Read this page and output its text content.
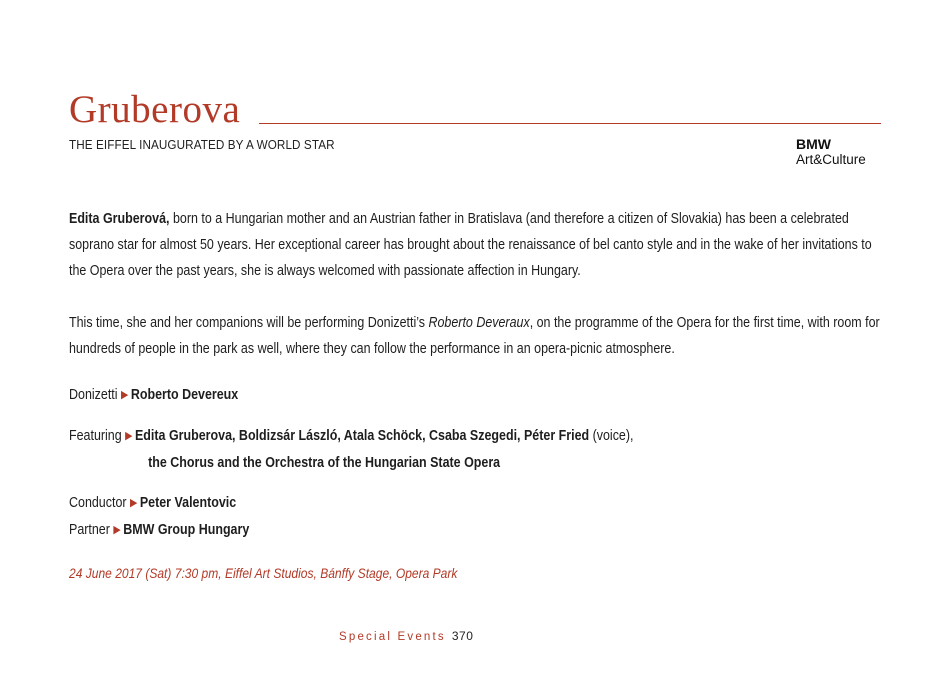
Gruberova
THE EIFFEL INAUGURATED BY A WORLD STAR	BMW
Art&Culture
Edita Gruberová, born to a Hungarian mother and an Austrian father in Bratislava (and therefore a citizen of Slovakia) has been a celebrated soprano star for almost 50 years. Her exceptional career has brought about the renaissance of bel canto style and in the wake of her invitations to the Opera over the past years, she is always welcomed with passionate affection in Hungary.
This time, she and her companions will be performing Donizetti’s Roberto Deveraux, on the programme of the Opera for the first time, with room for hundreds of people in the park as well, where they can follow the performance in an opera-picnic atmosphere.
Donizetti ▶ Roberto Devereux
Featuring ▶ Edita Gruberova, Boldizsár László, Atala Schöck, Csaba Szegedi, Péter Fried (voice),
the Chorus and the Orchestra of the Hungarian State Opera
Conductor ▶ Peter Valentovic
Partner ▶ BMW Group Hungary
24 June 2017 (Sat) 7:30 pm, Eiffel Art Studios, Bánffy Stage, Opera Park
Special Events 370
